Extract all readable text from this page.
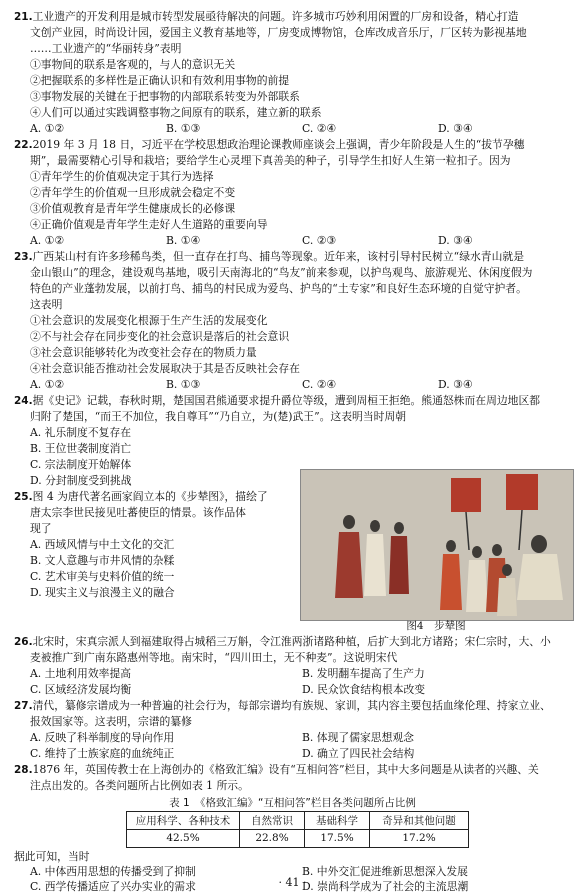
21.工业遗产的开发利用是城市转型发展亟待解决的问题。许多城市巧妙利用闲置的厂房和设备，精心打造
文创产业园，时尚设计园，爱国主义教育基地等，厂房变成博物馆，仓库改成音乐厅，厂区转为影视基地
……工业遗产的“华丽转身”表明
①事物间的联系是客观的，与人的意识无关
②把握联系的多样性是正确认识和有效利用事物的前提
③事物发展的关键在于把事物的内部联系转变为外部联系
④人们可以通过实践调整事物之间原有的联系，建立新的联系
A. ①②	B. ①③	C. ②④	D. ③④
22.2019 年 3 月 18 日，习近平在学校思想政治理论课教师座谈会上强调，青少年阶段是人生的“拔节孕穗
期”，最需要精心引导和栽培；要给学生心灵埋下真善美的种子，引导学生扣好人生第一粒扣子。因为
①青年学生的价值观决定于其行为选择
②青年学生的价值观一旦形成就会稳定不变
③价值观教育是青年学生健康成长的必修课
④正确价值观是青年学生走好人生道路的重要向导
A. ①②	B. ①④	C. ②③	D. ③④
23.广西某山村有许多珍稀鸟类，但一直存在打鸟、捕鸟等现象。近年来，该村引导村民树立“绿水青山就是
金山银山”的理念，建设观鸟基地，吸引天南海北的“鸟友”前来参观，以护鸟观鸟、旅游观光、休闲度假为
特色的产业蓬勃发展，以前打鸟、捕鸟的村民成为爱鸟、护鸟的“土专家”和良好生态环境的自觉守护者。
这表明
①社会意识的发展变化根源于生产生活的发展变化
②不与社会存在同步变化的社会意识是落后的社会意识
③社会意识能够转化为改变社会存在的物质力量
④社会意识能否推动社会发展取决于其是否反映社会存在
A. ①②	B. ①③	C. ②④	D. ③④
24.据《史记》记载，春秋时期，楚国国君熊通要求提升爵位等级，遭到周桓王拒绝。熊通怒株而在周边地区都
归附了楚国，“而王不加位，我自尊耳”“乃自立，为(楚)武王”。这表明当时周朝
A. 礼乐制度不复存在
B. 王位世袭制度消亡
C. 宗法制度开始解体
D. 分封制度受到挑战
25.图 4 为唐代著名画家阎立本的《步辇图》，描绘了
唐太宗李世民接见吐蕃使臣的情景。该作品体
现了
A. 西域风情与中土文化的交汇
B. 文人意趣与市井风情的杂糅
C. 艺术审美与史料价值的统一
D. 现实主义与浪漫主义的融合
图4　步辇图
26.北宋时，宋真宗派人到福建取得占城稻三万斛，令江淮两浙诸路种植，后扩大到北方诸路；宋仁宗时，大、小
麦被推广到广南东路惠州等地。南宋时，“四川田土，无不种麦”。这说明宋代
A. 土地利用效率提高	B. 发明翻车提高了生产力
C. 区域经济发展均衡	D. 民众饮食结构根本改变
27.清代，纂修宗谱成为一种普遍的社会行为，每部宗谱均有族规、家训，其内容主要包括血缘伦理、持家立业、
报效国家等。这表明，宗谱的纂修
A. 反映了科举制度的导向作用	B. 体现了儒家思想观念
C. 维持了士族家庭的血统纯正	D. 确立了四民社会结构
28.1876 年，英国传教士在上海创办的《格致汇编》设有“互相问答”栏目，其中大多问题是从读者的兴趣、关
注点出发的。各类问题所占比例如表 1 所示。
表 1　《格致汇编》“互相问答”栏目各类问题所占比例
应用科学、各种技术	自然常识	基础科学	奇异和其他问题
42.5%	22.8%	17.5%	17.2%
· 41 ·
据此可知，当时
A. 中体西用思想的传播受到了抑制	B. 中外交汇促进维新思想深入发展
C. 西学传播适应了兴办实业的需求	D. 崇尚科学成为了社会的主流思潮
